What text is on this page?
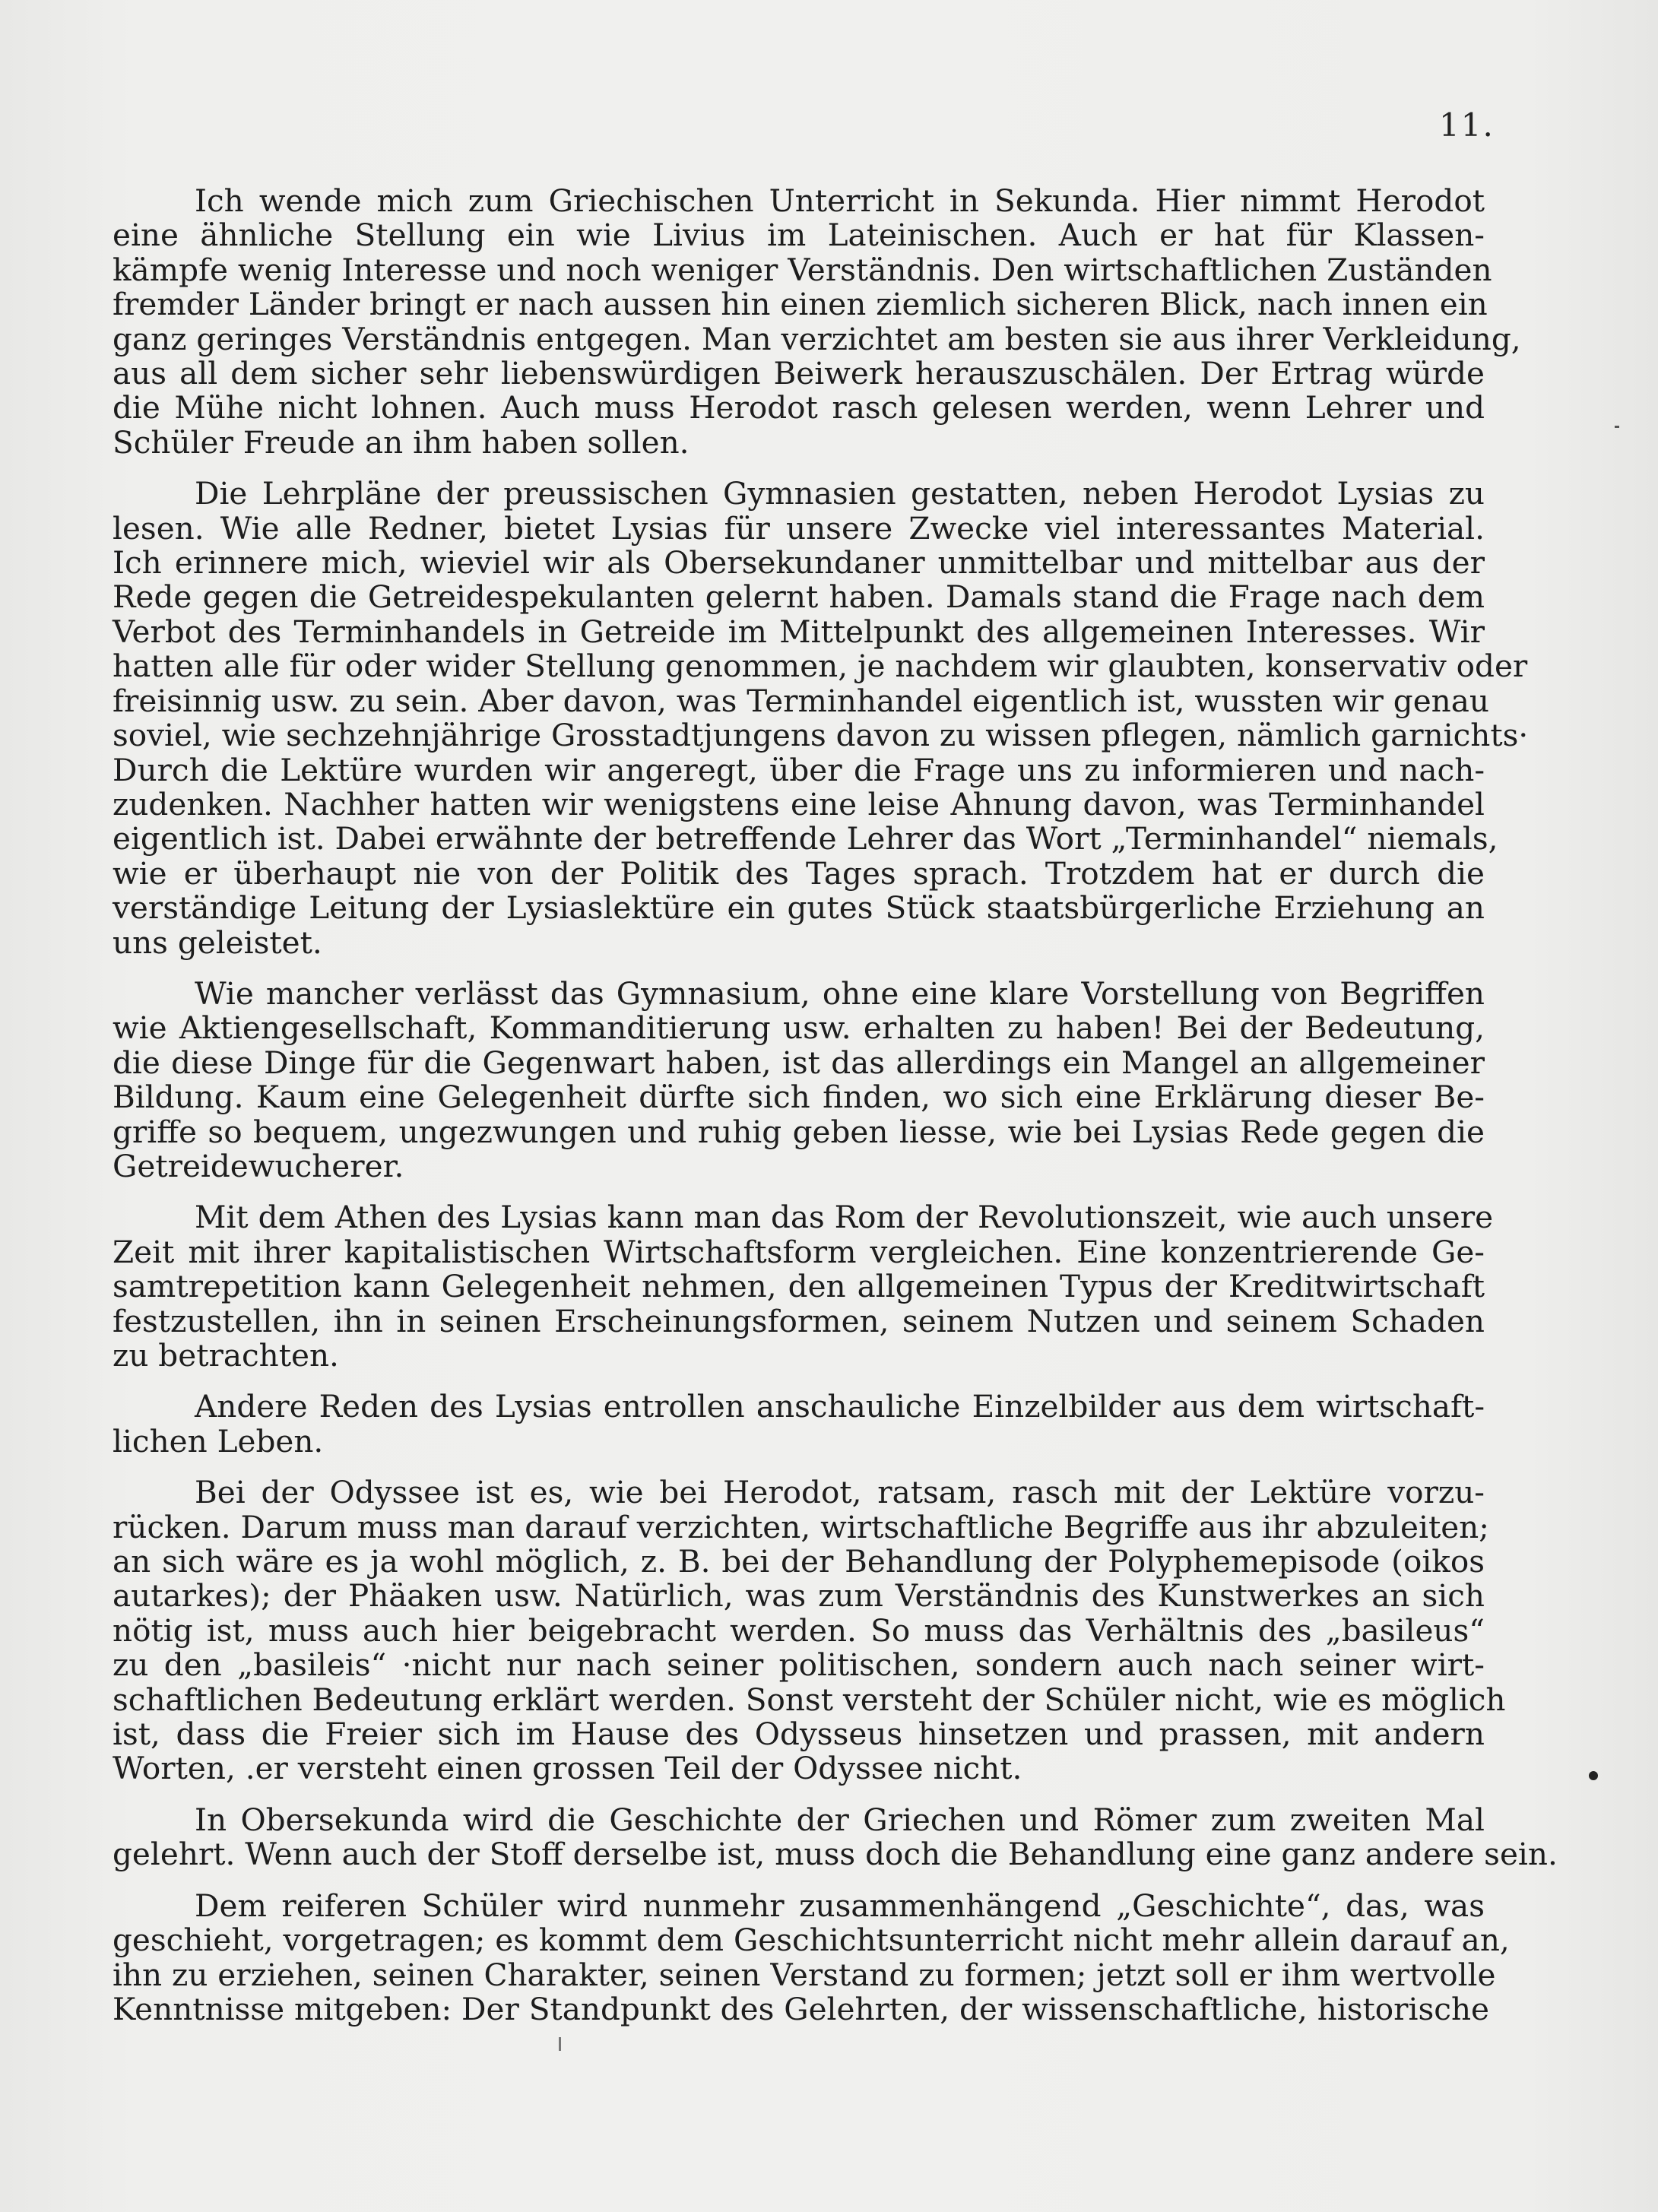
11.

Ich wende mich zum Griechischen Unterricht in Sekunda. Hier nimmt Herodot
eine ähnliche Stellung ein wie Livius im Lateinischen. Auch er hat für Klassen-
kämpfe wenig Interesse und noch weniger Verständnis. Den wirtschaftlichen Zuständen
fremder Länder bringt er nach aussen hin einen ziemlich sicheren Blick, nach innen ein
ganz geringes Verständnis entgegen. Man verzichtet am besten sie aus ihrer Verkleidung,
aus all dem sicher sehr liebenswürdigen Beiwerk herauszuschälen. Der Ertrag würde
die Mühe nicht lohnen. Auch muss Herodot rasch gelesen werden, wenn Lehrer und
Schüler Freude an ihm haben sollen.

Die Lehrpläne der preussischen Gymnasien gestatten, neben Herodot Lysias zu
lesen. Wie alle Redner, bietet Lysias für unsere Zwecke viel interessantes Material.
Ich erinnere mich, wieviel wir als Obersekundaner unmittelbar und mittelbar aus der
Rede gegen die Getreidespekulanten gelernt haben. Damals stand die Frage nach dem
Verbot des Terminhandels in Getreide im Mittelpunkt des allgemeinen Interesses. Wir
hatten alle für oder wider Stellung genommen, je nachdem wir glaubten, konservativ oder
freisinnig usw. zu sein. Aber davon, was Terminhandel eigentlich ist, wussten wir genau
soviel, wie sechzehnjährige Grosstadtjungens davon zu wissen pflegen, nämlich garnichts·
Durch die Lektüre wurden wir angeregt, über die Frage uns zu informieren und nach-
zudenken. Nachher hatten wir wenigstens eine leise Ahnung davon, was Terminhandel
eigentlich ist. Dabei erwähnte der betreffende Lehrer das Wort „Terminhandel“ niemals,
wie er überhaupt nie von der Politik des Tages sprach. Trotzdem hat er durch die
verständige Leitung der Lysiaslektüre ein gutes Stück staatsbürgerliche Erziehung an
uns geleistet.

Wie mancher verlässt das Gymnasium, ohne eine klare Vorstellung von Begriffen
wie Aktiengesellschaft, Kommanditierung usw. erhalten zu haben! Bei der Bedeutung,
die diese Dinge für die Gegenwart haben, ist das allerdings ein Mangel an allgemeiner
Bildung. Kaum eine Gelegenheit dürfte sich finden, wo sich eine Erklärung dieser Be-
griffe so bequem, ungezwungen und ruhig geben liesse, wie bei Lysias Rede gegen die
Getreidewucherer.

Mit dem Athen des Lysias kann man das Rom der Revolutionszeit, wie auch unsere
Zeit mit ihrer kapitalistischen Wirtschaftsform vergleichen. Eine konzentrierende Ge-
samtrepetition kann Gelegenheit nehmen, den allgemeinen Typus der Kreditwirtschaft
festzustellen, ihn in seinen Erscheinungsformen, seinem Nutzen und seinem Schaden
zu betrachten.

Andere Reden des Lysias entrollen anschauliche Einzelbilder aus dem wirtschaft-
lichen Leben.

Bei der Odyssee ist es, wie bei Herodot, ratsam, rasch mit der Lektüre vorzu-
rücken. Darum muss man darauf verzichten, wirtschaftliche Begriffe aus ihr abzuleiten;
an sich wäre es ja wohl möglich, z. B. bei der Behandlung der Polyphemepisode (oikos
autarkes); der Phäaken usw. Natürlich, was zum Verständnis des Kunstwerkes an sich
nötig ist, muss auch hier beigebracht werden. So muss das Verhältnis des „basileus“
zu den „basileis“ ·nicht nur nach seiner politischen, sondern auch nach seiner wirt-
schaftlichen Bedeutung erklärt werden. Sonst versteht der Schüler nicht, wie es möglich
ist, dass die Freier sich im Hause des Odysseus hinsetzen und prassen, mit andern
Worten, .er versteht einen grossen Teil der Odyssee nicht.

In Obersekunda wird die Geschichte der Griechen und Römer zum zweiten Mal
gelehrt. Wenn auch der Stoff derselbe ist, muss doch die Behandlung eine ganz andere sein.

Dem reiferen Schüler wird nunmehr zusammenhängend „Geschichte“, das, was
geschieht, vorgetragen; es kommt dem Geschichtsunterricht nicht mehr allein darauf an,
ihn zu erziehen, seinen Charakter, seinen Verstand zu formen; jetzt soll er ihm wertvolle
Kenntnisse mitgeben: Der Standpunkt des Gelehrten, der wissenschaftliche, historische
